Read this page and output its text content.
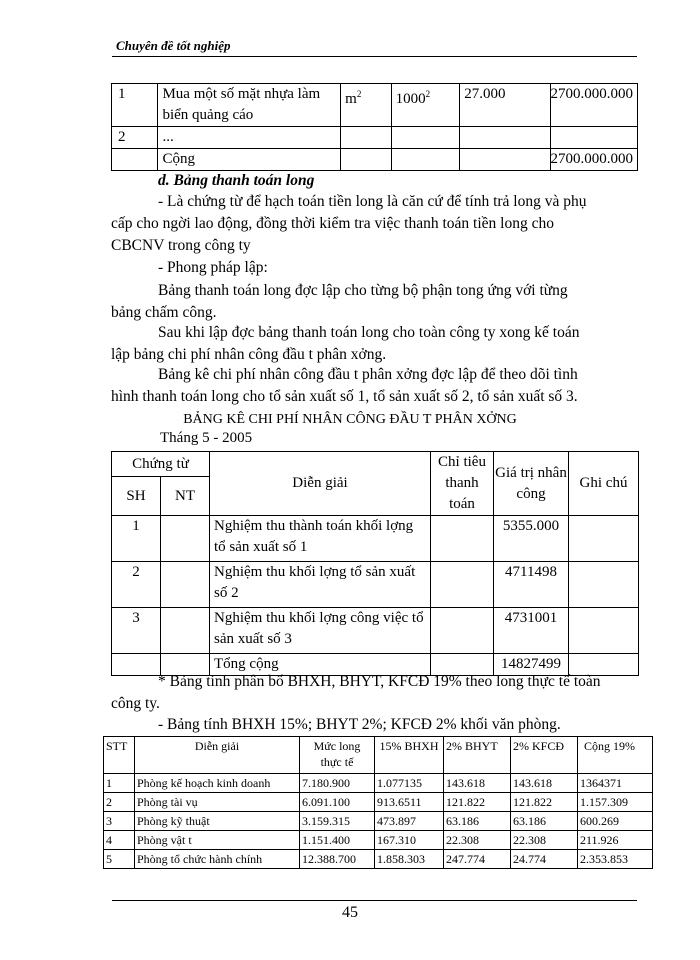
Chuyên đề tốt nghiệp
1	Mua một số mặt nhựa làm biển quảng cáo	$m^2$	1000$^2$	27.000	2700.000.000
2	...				
	Cộng				2700.000.000
d. Bảng thanh toán long
- Là chứng từ để hạch toán tiền long là căn cứ để tính trả long và phụ
cấp cho ngời lao động, đồng thời kiểm tra việc thanh toán tiền long cho
CBCNV trong công ty
- Phong pháp lập:
Bảng thanh toán long đợc lập cho từng bộ phận tong ứng với từng
bảng chấm công.
Sau khi lập đợc bảng thanh toán long cho toàn công ty xong kế toán
lập bảng chi phí nhân công đầu t phân xởng.
Bảng kê chi phí nhân công đầu t phân xởng đợc lập để theo dõi tình
hình thanh toán long cho tổ sản xuất số 1, tổ sản xuất số 2, tổ sản xuất số 3.
BẢNG KÊ CHI PHÍ NHÂN CÔNG ĐẦU T PHÂN XỞNG
Tháng 5 - 2005
Chứng từ		Diễn giải	Chỉ tiêu thanh toán	Giá trị nhân công	Ghi chú
SH	NT				
1		Nghiệm thu thành toán khối lợng tổ sản xuất số 1		5355.000	
2		Nghiệm thu khối lợng tổ sản xuất số 2		4711498	
3		Nghiệm thu khối lợng công việc tổ sản xuất số 3		4731001	
		Tổng cộng		14827499	
* Bảng tính phân bổ BHXH, BHYT, KFCĐ 19% theo long thực tế toàn
công ty.
- Bảng tính BHXH 15%; BHYT 2%; KFCĐ 2% khối văn phòng.
STT	Diễn giải	Mức long thực tế	15% BHXH	2% BHYT	2% KFCĐ	Cộng 19%
1	Phòng kế hoạch kinh doanh	7.180.900	1.077135	143.618	143.618	1364371
2	Phòng tài vụ	6.091.100	913.6511	121.822	121.822	1.157.309
3	Phòng kỹ thuật	3.159.315	473.897	63.186	63.186	600.269
4	Phòng vật t	1.151.400	167.310	22.308	22.308	211.926
5	Phòng tổ chức hành chính	12.388.700	1.858.303	247.774	24.774	2.353.853
45
